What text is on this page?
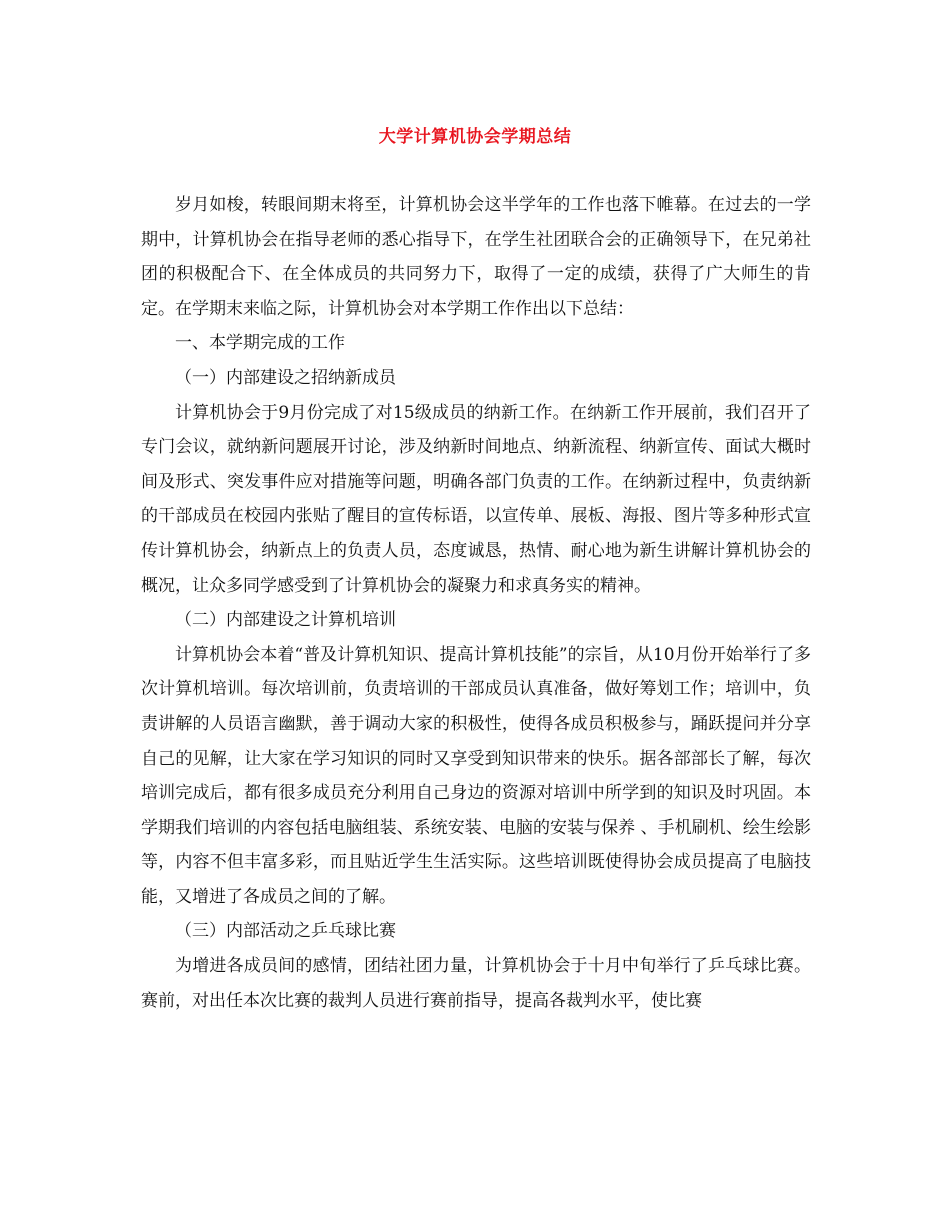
大学计算机协会学期总结

岁月如梭，转眼间期末将至，计算机协会这半学年的工作也落下帷幕。在过去的一学期中，计算机协会在指导老师的悉心指导下，在学生社团联合会的正确领导下，在兄弟社团的积极配合下、在全体成员的共同努力下，取得了一定的成绩，获得了广大师生的肯定。在学期末来临之际，计算机协会对本学期工作作出以下总结：

一、本学期完成的工作

（一）内部建设之招纳新成员

计算机协会于9月份完成了对15级成员的纳新工作。在纳新工作开展前，我们召开了专门会议，就纳新问题展开讨论，涉及纳新时间地点、纳新流程、纳新宣传、面试大概时间及形式、突发事件应对措施等问题，明确各部门负责的工作。在纳新过程中，负责纳新的干部成员在校园内张贴了醒目的宣传标语，以宣传单、展板、海报、图片等多种形式宣传计算机协会，纳新点上的负责人员，态度诚恳，热情、耐心地为新生讲解计算机协会的概况，让众多同学感受到了计算机协会的凝聚力和求真务实的精神。

（二）内部建设之计算机培训

计算机协会本着“普及计算机知识、提高计算机技能”的宗旨，从10月份开始举行了多次计算机培训。每次培训前，负责培训的干部成员认真准备，做好筹划工作；培训中，负责讲解的人员语言幽默，善于调动大家的积极性，使得各成员积极参与，踊跃提问并分享自己的见解，让大家在学习知识的同时又享受到知识带来的快乐。据各部部长了解，每次培训完成后，都有很多成员充分利用自己身边的资源对培训中所学到的知识及时巩固。本学期我们培训的内容包括电脑组装、系统安装、电脑的安装与保养 、手机刷机、绘生绘影等，内容不但丰富多彩，而且贴近学生生活实际。这些培训既使得协会成员提高了电脑技能，又增进了各成员之间的了解。

（三）内部活动之乒乓球比赛

为增进各成员间的感情，团结社团力量，计算机协会于十月中旬举行了乒乓球比赛。赛前，对出任本次比赛的裁判人员进行赛前指导，提高各裁判水平，使比赛
